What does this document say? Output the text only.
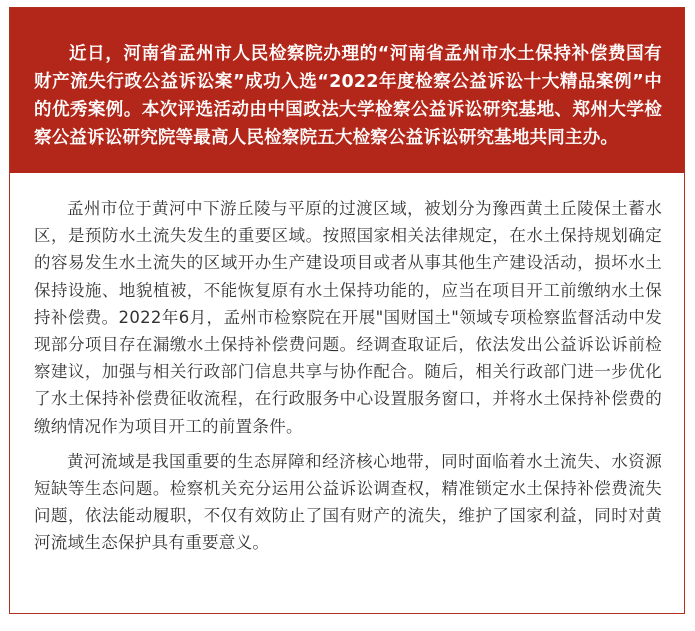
近日，河南省孟州市人民检察院办理的“河南省孟州市水土保持补偿费国有财产流失行政公益诉讼案”成功入选“2022年度检察公益诉讼十大精品案例”中的优秀案例。本次评选活动由中国政法大学检察公益诉讼研究基地、郑州大学检察公益诉讼研究院等最高人民检察院五大检察公益诉讼研究基地共同主办。

孟州市位于黄河中下游丘陵与平原的过渡区域，被划分为豫西黄土丘陵保土蓄水区，是预防水土流失发生的重要区域。按照国家相关法律规定，在水土保持规划确定的容易发生水土流失的区域开办生产建设项目或者从事其他生产建设活动，损坏水土保持设施、地貌植被，不能恢复原有水土保持功能的，应当在项目开工前缴纳水土保持补偿费。2022年6月，孟州市检察院在开展"国财国土"领域专项检察监督活动中发现部分项目存在漏缴水土保持补偿费问题。经调查取证后，依法发出公益诉讼诉前检察建议，加强与相关行政部门信息共享与协作配合。随后，相关行政部门进一步优化了水土保持补偿费征收流程，在行政服务中心设置服务窗口，并将水土保持补偿费的缴纳情况作为项目开工的前置条件。

黄河流域是我国重要的生态屏障和经济核心地带，同时面临着水土流失、水资源短缺等生态问题。检察机关充分运用公益诉讼调查权，精准锁定水土保持补偿费流失问题，依法能动履职，不仅有效防止了国有财产的流失，维护了国家利益，同时对黄河流域生态保护具有重要意义。
